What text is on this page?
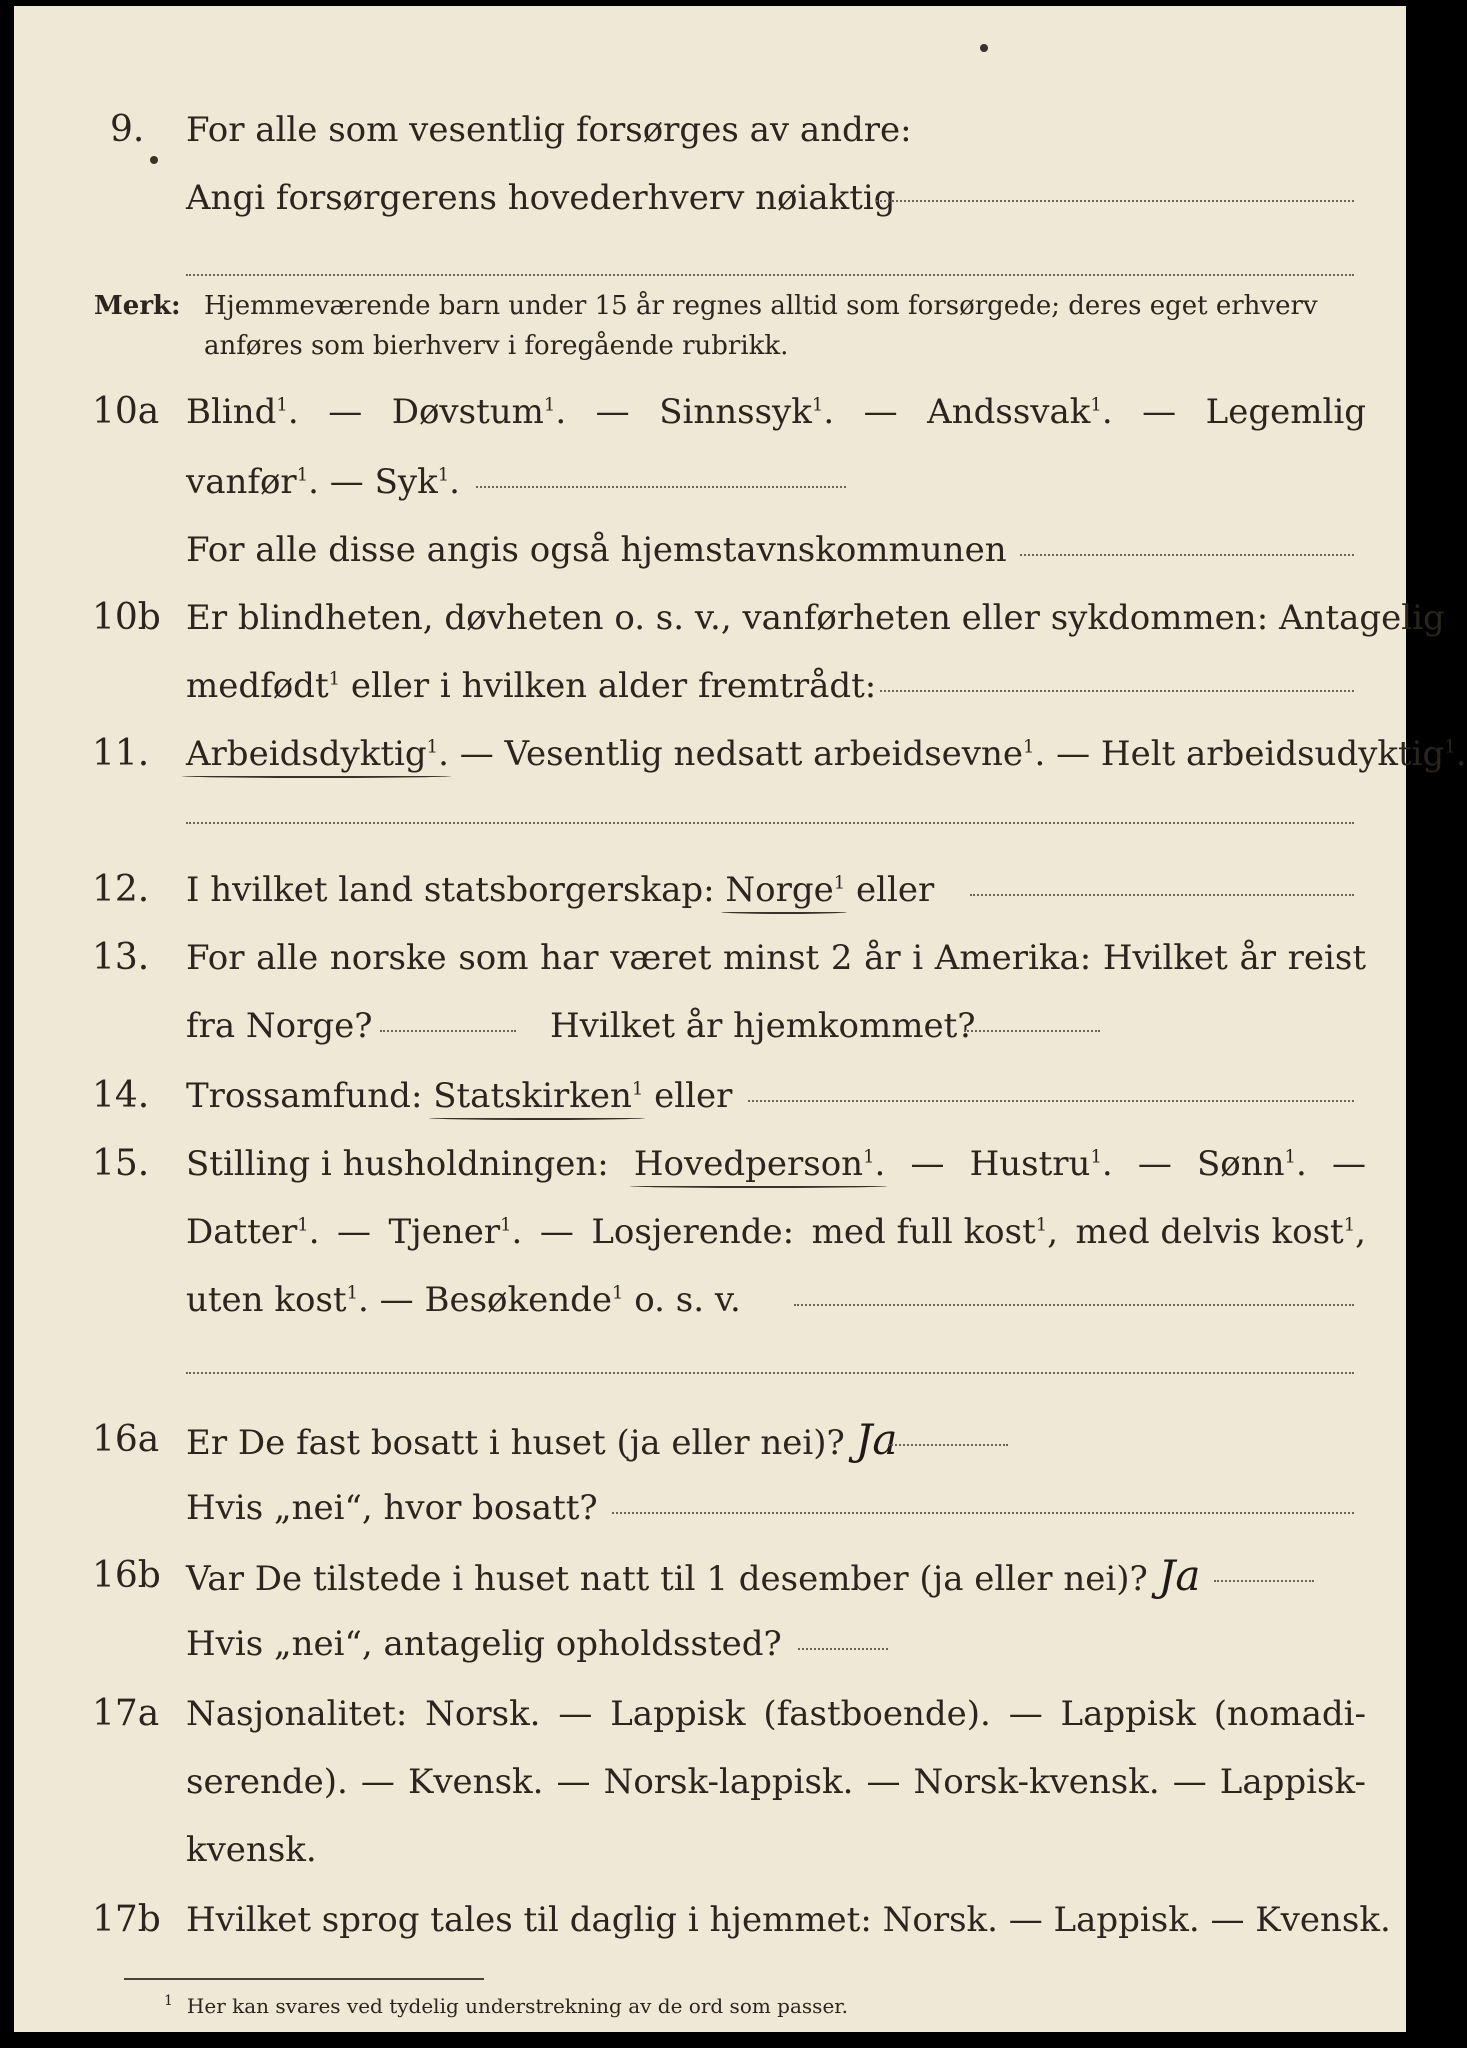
9. For alle som vesentlig forsørges av andre:
Angi forsørgerens hovederhverv nøiaktig
Merk: Hjemmeværende barn under 15 år regnes alltid som forsørgede; deres eget erhverv anføres som bierhverv i foregående rubrikk.
10a Blind$^1$. — Døvstum$^1$. — Sinnssyk$^1$. — Andssvak$^1$. — Legemlig
vanfør$^1$. — Syk$^1$.
For alle disse angis også hjemstavnskommunen
10b Er blindheten, døvheten o. s. v., vanførheten eller sykdommen: Antagelig
medfødt$^1$ eller i hvilken alder fremtrådt:
11. Arbeidsdyktig$^1$. — Vesentlig nedsatt arbeidsevne$^1$. — Helt arbeidsudyktig$^1$.
12. I hvilket land statsborgerskap: Norge$^1$ eller
13. For alle norske som har været minst 2 år i Amerika: Hvilket år reist
fra Norge?	Hvilket år hjemkommet?
14. Trossamfund: Statskirken$^1$ eller
15. Stilling i husholdningen: Hovedperson$^1$. — Hustru$^1$. — Sønn$^1$. —
Datter$^1$. — Tjener$^1$. — Losjerende: med full kost$^1$, med delvis kost$^1$,
uten kost$^1$. — Besøkende$^1$ o. s. v.
16a Er De fast bosatt i huset (ja eller nei)? Ja
Hvis „nei“, hvor bosatt?
16b Var De tilstede i huset natt til 1 desember (ja eller nei)? Ja
Hvis „nei“, antagelig opholdssted?
17a Nasjonalitet: Norsk. — Lappisk (fastboende). — Lappisk (nomadi-
serende). — Kvensk. — Norsk-lappisk. — Norsk-kvensk. — Lappisk-
kvensk.
17b Hvilket sprog tales til daglig i hjemmet: Norsk. — Lappisk. — Kvensk.
$^1$ Her kan svares ved tydelig understrekning av de ord som passer.
